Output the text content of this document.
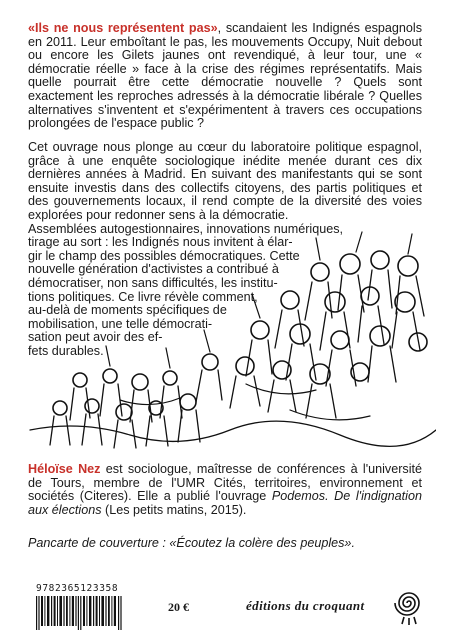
«Ils ne nous représentent pas», scandaient les Indignés espagnols en 2011. Leur emboîtant le pas, les mouvements Occupy, Nuit debout ou encore les Gilets jaunes ont revendiqué, à leur tour, une « démocratie réelle » face à la crise des régimes représentatifs. Mais quelle pourrait être cette démocratie nouvelle ? Quels sont exactement les reproches adressés à la démocratie libérale ? Quelles alternatives s'inventent et s'expérimentent à travers ces occupations prolongées de l'espace public ?
Cet ouvrage nous plonge au cœur du laboratoire politique espagnol, grâce à une enquête sociologique inédite menée durant ces dix dernières années à Madrid. En suivant des manifestants qui se sont ensuite investis dans des collectifs citoyens, des partis politiques et des gouvernements locaux, il rend compte de la diversité des voies explorées pour redonner sens à la démocratie.
Assemblées autogestionnaires, innovations numériques,
tirage au sort : les Indignés nous invitent à élar-
gir le champ des possibles démocratiques. Cette
nouvelle génération d'activistes a contribué à
démocratiser, non sans difficultés, les institu-
tions politiques. Ce livre révèle comment,
au-delà de moments spécifiques de
mobilisation, une telle démocrati-
sation peut avoir des ef-
fets durables.
Héloïse Nez est sociologue, maîtresse de conférences à l'université de Tours, membre de l'UMR Cités, territoires, environnement et sociétés (Citeres). Elle a publié l'ouvrage Podemos. De l'indignation aux élections (Les petits matins, 2015).
Pancarte de couverture : «Écoutez la colère des peuples».
9782365123358
20 €	éditions du croquant
